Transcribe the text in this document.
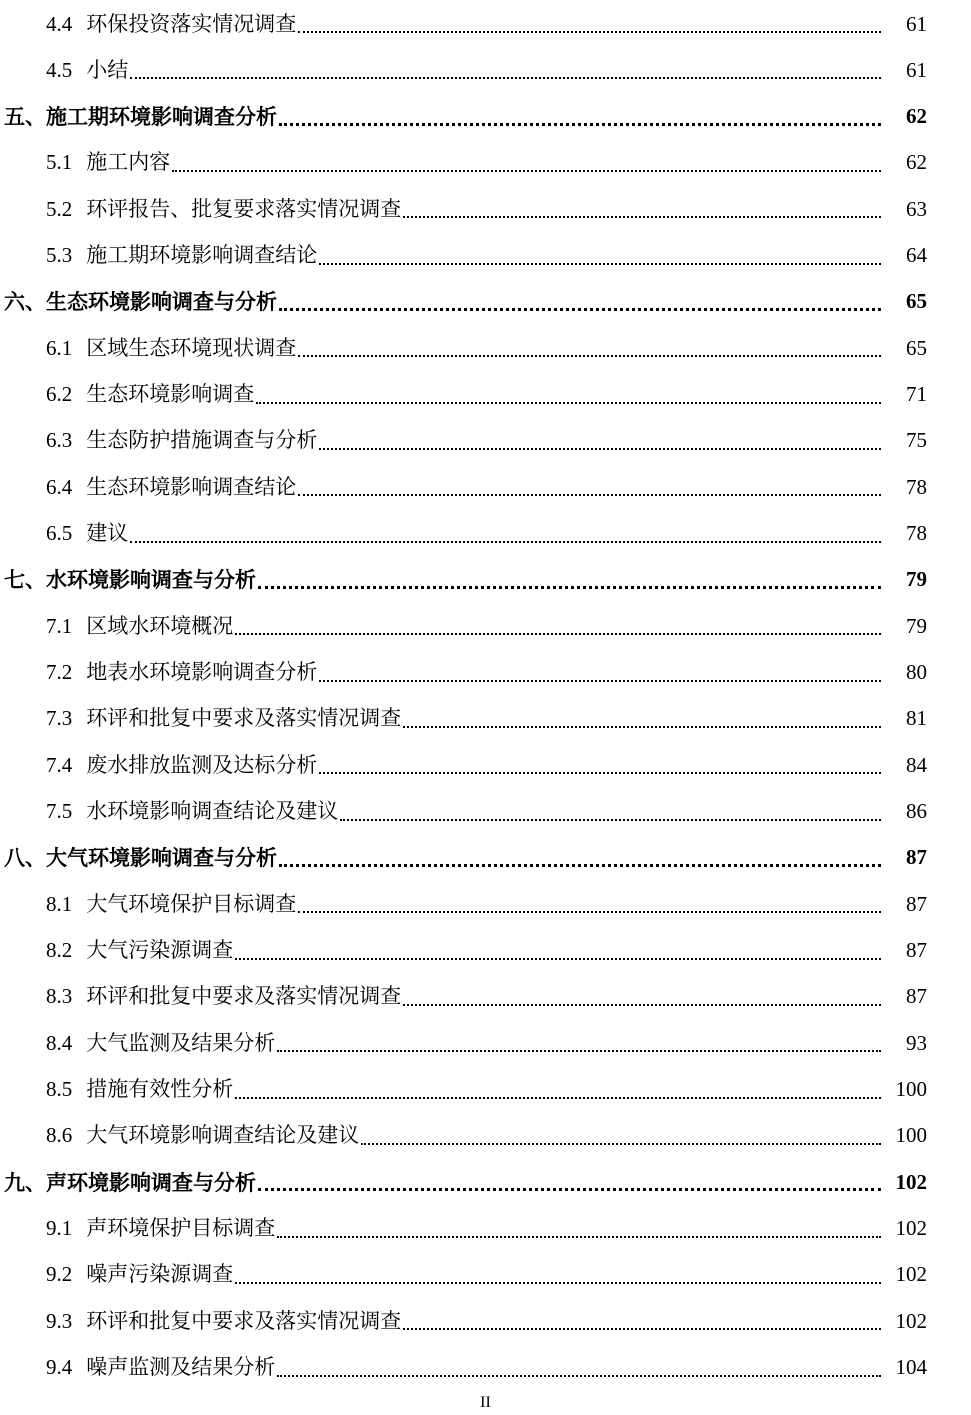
4.4 环保投资落实情况调查	61
4.5 小结	61
五、施工期环境影响调查分析	62
5.1 施工内容	62
5.2 环评报告、批复要求落实情况调查	63
5.3 施工期环境影响调查结论	64
六、生态环境影响调查与分析	65
6.1 区域生态环境现状调查	65
6.2 生态环境影响调查	71
6.3 生态防护措施调查与分析	75
6.4 生态环境影响调查结论	78
6.5 建议	78
七、水环境影响调查与分析	79
7.1 区域水环境概况	79
7.2 地表水环境影响调查分析	80
7.3 环评和批复中要求及落实情况调查	81
7.4 废水排放监测及达标分析	84
7.5 水环境影响调查结论及建议	86
八、大气环境影响调查与分析	87
8.1 大气环境保护目标调查	87
8.2 大气污染源调查	87
8.3 环评和批复中要求及落实情况调查	87
8.4 大气监测及结果分析	93
8.5 措施有效性分析	100
8.6 大气环境影响调查结论及建议	100
九、声环境影响调查与分析	102
9.1 声环境保护目标调查	102
9.2 噪声污染源调查	102
9.3 环评和批复中要求及落实情况调查	102
9.4 噪声监测及结果分析	104
II
